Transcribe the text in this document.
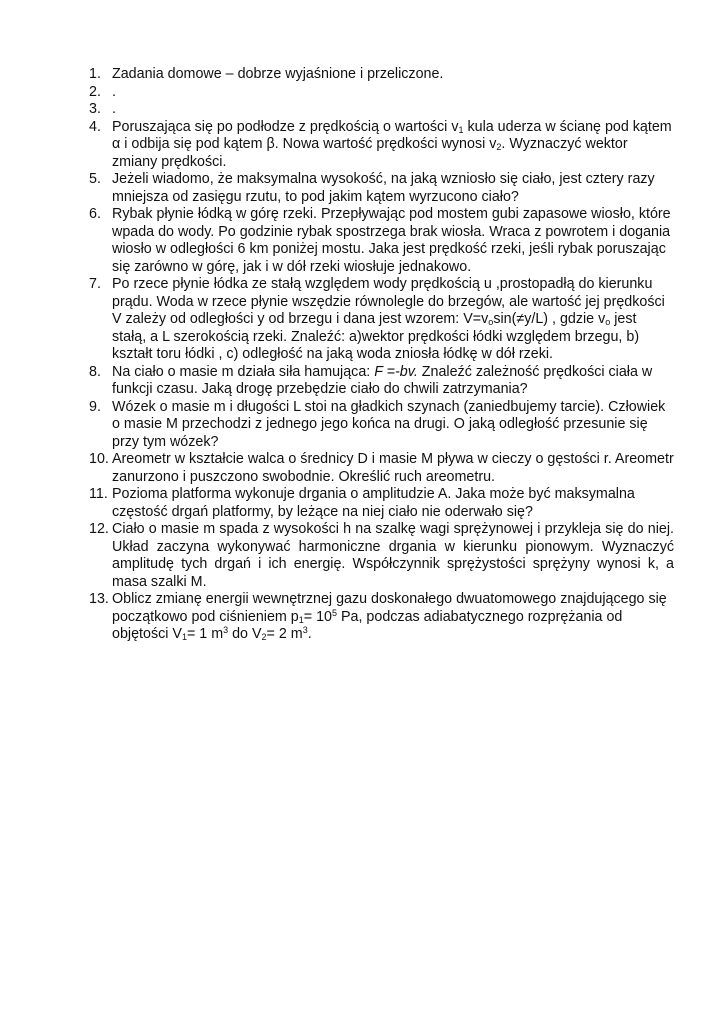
1. Zadania domowe – dobrze wyjaśnione i przeliczone.
2. .
3. .
4. Poruszająca się po podłodze z prędkością o wartości $v_1$ kula uderza w ścianę pod kątem α i odbija się pod kątem β. Nowa wartość prędkości wynosi $v_2$. Wyznaczyć wektor zmiany prędkości.
5. Jeżeli wiadomo, że maksymalna wysokość, na jaką wzniosło się ciało, jest cztery razy mniejsza od zasięgu rzutu, to pod jakim kątem wyrzucono ciało?
6. Rybak płynie łódką w górę rzeki. Przepływając pod mostem gubi zapasowe wiosło, które wpada do wody. Po godzinie rybak spostrzega brak wiosła. Wraca z powrotem i dogania wiosło w odległości 6 km poniżej mostu. Jaka jest prędkość rzeki, jeśli rybak poruszając się zarówno w górę, jak i w dół rzeki wiosłuje jednakowo.
7. Po rzece płynie łódka ze stałą względem wody prędkością u ,prostopadłą do kierunku prądu. Woda w rzece płynie wszędzie równolegle do brzegów, ale wartość jej prędkości V zależy od odległości y od brzegu i dana jest wzorem: $V=v_o\sin(\ne y/L)$ , gdzie $v_o$ jest stałą, a L szerokością rzeki. Znaleźć: a)wektor prędkości łódki względem brzegu, b) kształt toru łódki , c) odległość na jaką woda zniosła łódkę w dół rzeki.
8. Na ciało o masie m działa siła hamująca: F =-bv. Znaleźć zależność prędkości ciała w funkcji czasu. Jaką drogę przebędzie ciało do chwili zatrzymania?
9. Wózek o masie m i długości L stoi na gładkich szynach (zaniedbujemy tarcie). Człowiek o masie M przechodzi z jednego jego końca na drugi. O jaką odległość przesunie się przy tym wózek?
10. Areometr w kształcie walca o średnicy D i masie M pływa w cieczy o gęstości r. Areometr zanurzono i puszczono swobodnie. Określić ruch areometru.
11. Pozioma platforma wykonuje drgania o amplitudzie A. Jaka może być maksymalna częstość drgań platformy, by leżące na niej ciało nie oderwało się?
12. Ciało o masie m spada z wysokości h na szalkę wagi sprężynowej i przykleja się do niej. Układ zaczyna wykonywać harmoniczne drgania w kierunku pionowym. Wyznaczyć amplitudę tych drgań i ich energię. Współczynnik sprężystości sprężyny wynosi k, a masa szalki M.
13. Oblicz zmianę energii wewnętrznej gazu doskonałego dwuatomowego znajdującego się początkowo pod ciśnieniem $p_1= 10^5$ Pa, podczas adiabatycznego rozprężania od objętości $V_1= 1$ $m^3$ do $V_2= 2$ $m^3$.
